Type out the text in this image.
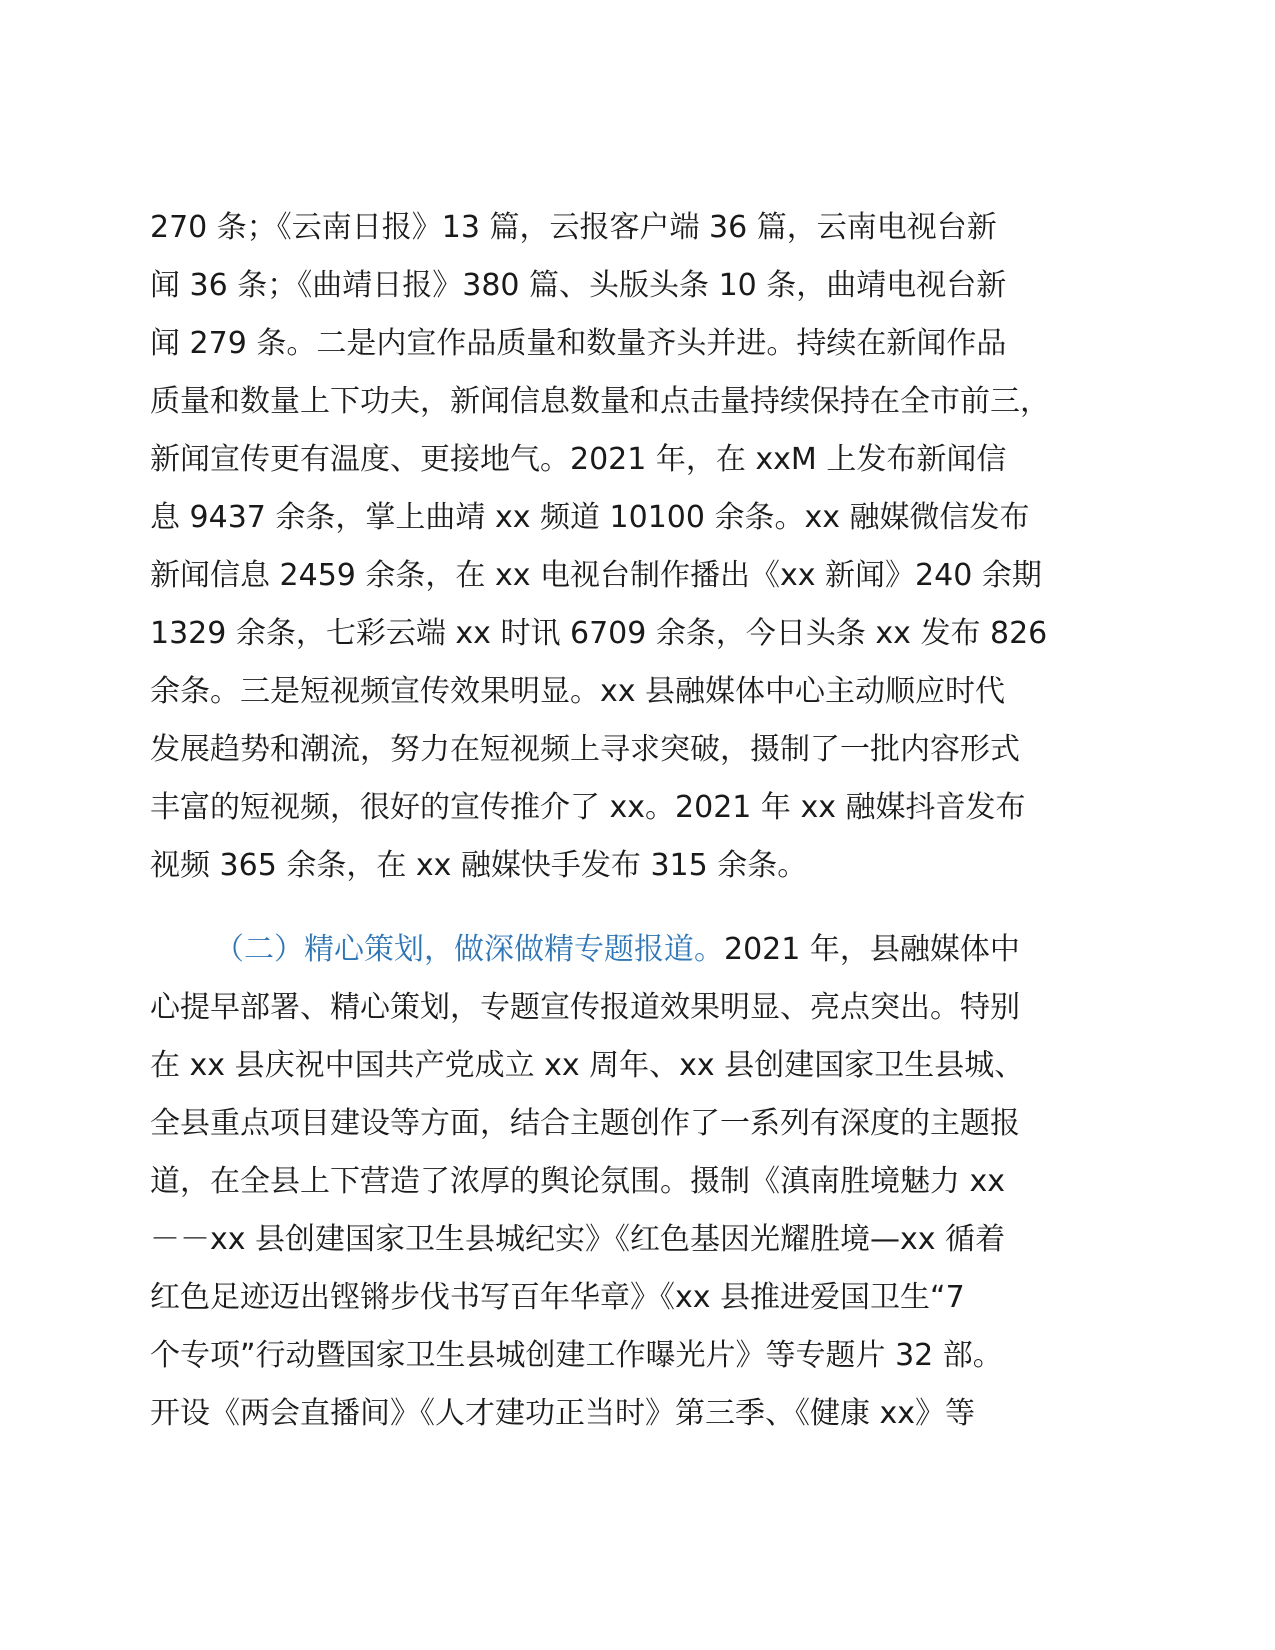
270 条；《云南日报》13 篇，云报客户端 36 篇，云南电视台新
闻 36 条；《曲靖日报》380 篇、头版头条 10 条，曲靖电视台新
闻 279 条。二是内宣作品质量和数量齐头并进。持续在新闻作品
质量和数量上下功夫，新闻信息数量和点击量持续保持在全市前三，
新闻宣传更有温度、更接地气。2021 年，在 xxM 上发布新闻信
息 9437 余条，掌上曲靖 xx 频道 10100 余条。xx 融媒微信发布
新闻信息 2459 余条，在 xx 电视台制作播出《xx 新闻》240 余期
1329 余条，七彩云端 xx 时讯 6709 余条，今日头条 xx 发布 826
余条。三是短视频宣传效果明显。xx 县融媒体中心主动顺应时代
发展趋势和潮流，努力在短视频上寻求突破，摄制了一批内容形式
丰富的短视频，很好的宣传推介了 xx。2021 年 xx 融媒抖音发布
视频 365 余条，在 xx 融媒快手发布 315 余条。
（二）精心策划，做深做精专题报道。2021 年，县融媒体中
心提早部署、精心策划，专题宣传报道效果明显、亮点突出。特别
在 xx 县庆祝中国共产党成立 xx 周年、xx 县创建国家卫生县城、
全县重点项目建设等方面，结合主题创作了一系列有深度的主题报
道，在全县上下营造了浓厚的舆论氛围。摄制《滇南胜境魅力 xx
－－xx 县创建国家卫生县城纪实》《红色基因光耀胜境—xx 循着
红色足迹迈出铿锵步伐书写百年华章》《xx 县推进爱国卫生“7
个专项”行动暨国家卫生县城创建工作曝光片》等专题片 32 部。
开设《两会直播间》《人才建功正当时》第三季、《健康 xx》等
